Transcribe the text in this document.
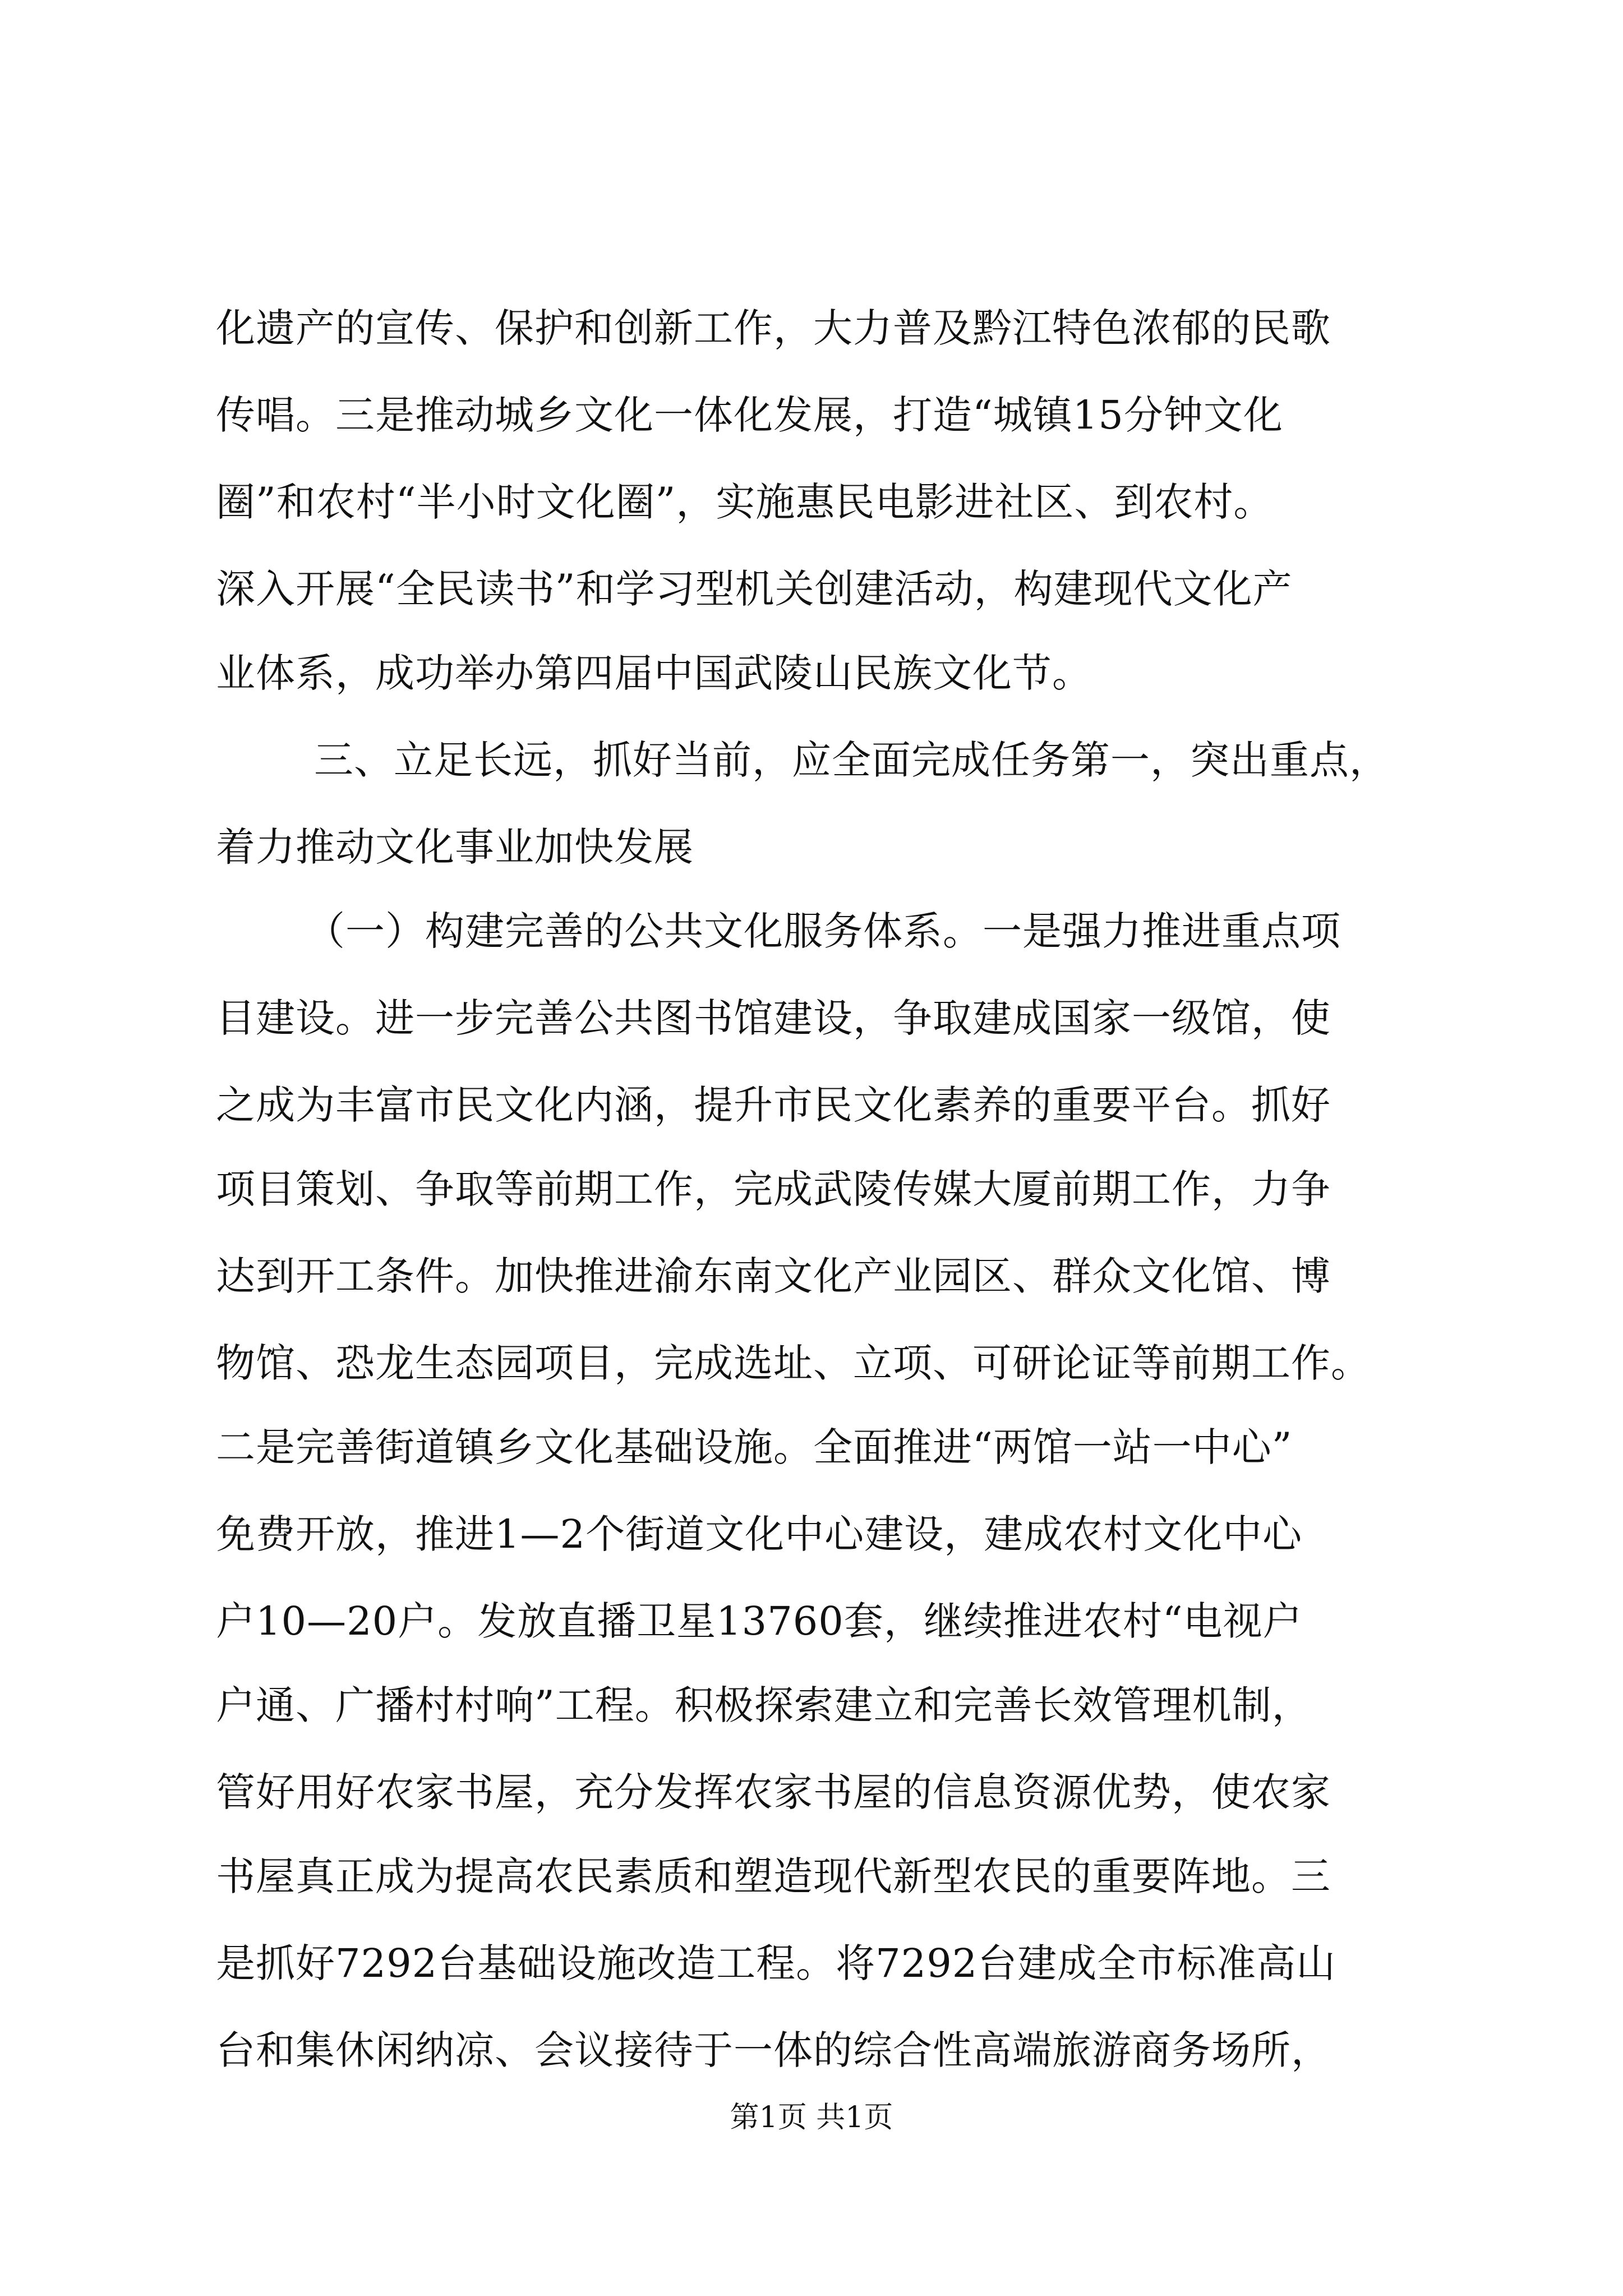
化遗产的宣传、保护和创新工作，大力普及黔江特色浓郁的民歌
传唱。三是推动城乡文化一体化发展，打造“城镇15分钟文化
圈”和农村“半小时文化圈”，实施惠民电影进社区、到农村。
深入开展“全民读书”和学习型机关创建活动，构建现代文化产
业体系，成功举办第四届中国武陵山民族文化节。
三、立足长远，抓好当前，应全面完成任务第一，突出重点，
着力推动文化事业加快发展
（一）构建完善的公共文化服务体系。一是强力推进重点项
目建设。进一步完善公共图书馆建设，争取建成国家一级馆，使
之成为丰富市民文化内涵，提升市民文化素养的重要平台。抓好
项目策划、争取等前期工作，完成武陵传媒大厦前期工作，力争
达到开工条件。加快推进渝东南文化产业园区、群众文化馆、博
物馆、恐龙生态园项目，完成选址、立项、可研论证等前期工作。
二是完善街道镇乡文化基础设施。全面推进“两馆一站一中心”
免费开放，推进1—2个街道文化中心建设，建成农村文化中心
户10—20户。发放直播卫星13760套，继续推进农村“电视户
户通、广播村村响”工程。积极探索建立和完善长效管理机制，
管好用好农家书屋，充分发挥农家书屋的信息资源优势，使农家
书屋真正成为提高农民素质和塑造现代新型农民的重要阵地。三
是抓好7292台基础设施改造工程。将7292台建成全市标准高山
台和集休闲纳凉、会议接待于一体的综合性高端旅游商务场所，
第1页 共1页
